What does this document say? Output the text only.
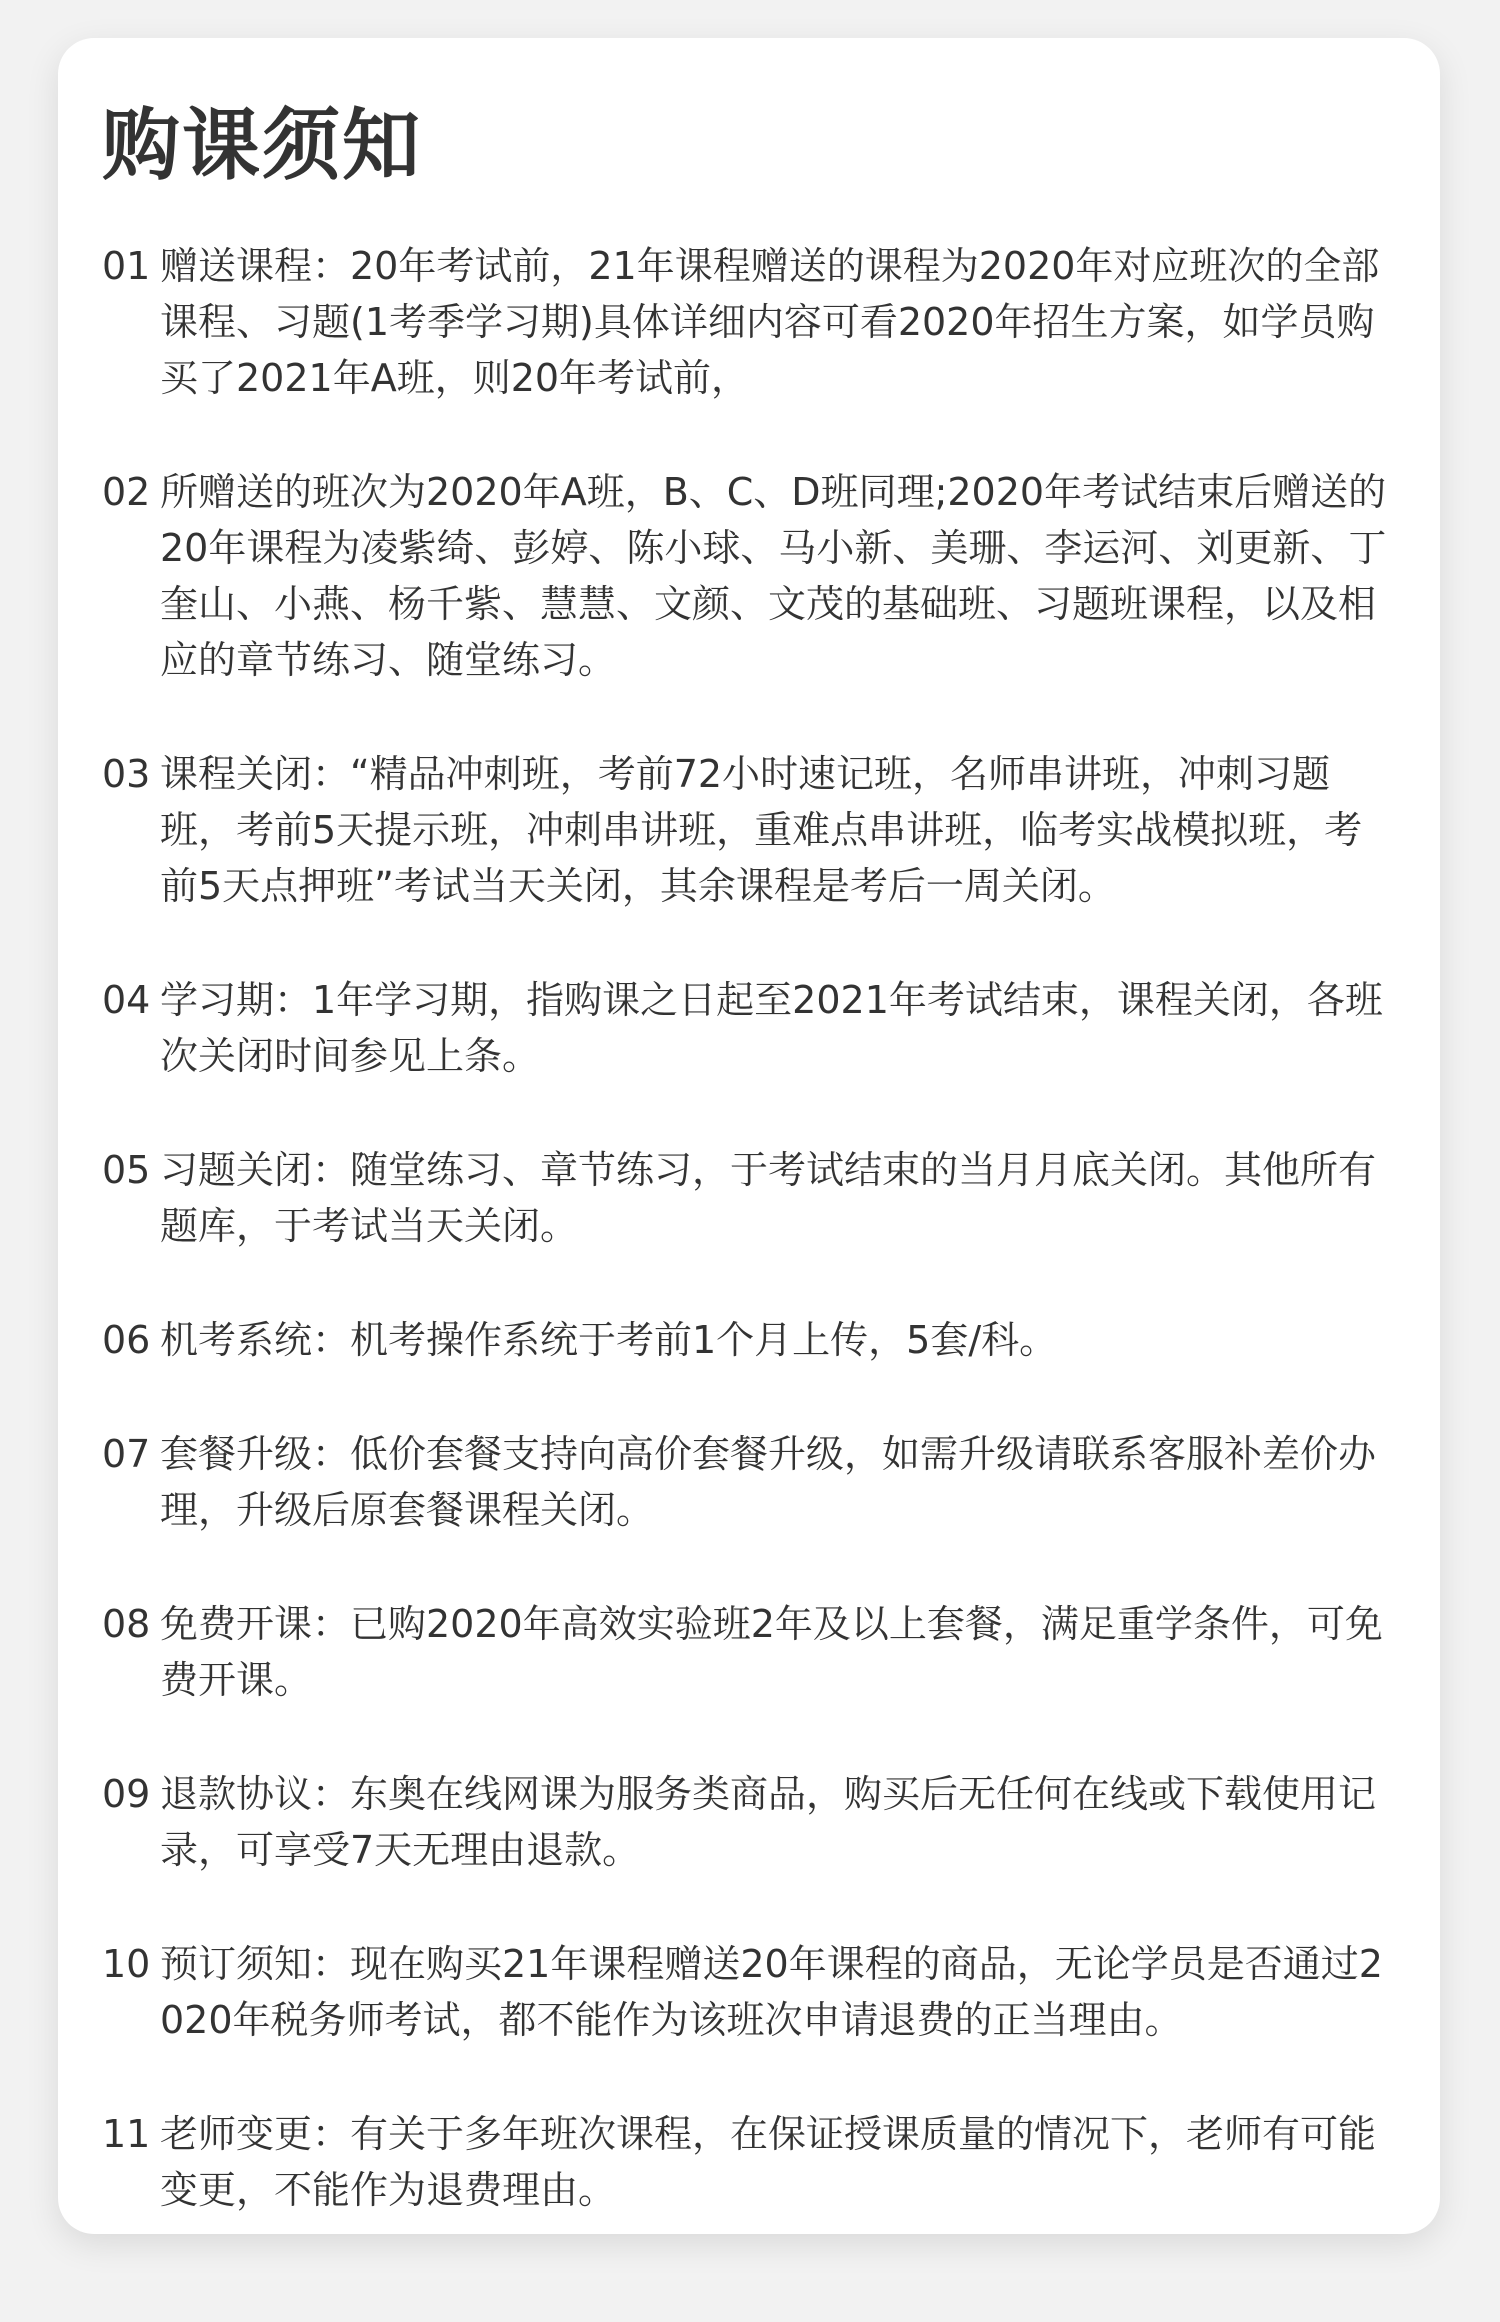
购课须知
01 赠送课程：20年考试前，21年课程赠送的课程为2020年对应班次的全部课程、习题(1考季学习期)具体详细内容可看2020年招生方案，如学员购买了2021年A班，则20年考试前，
02 所赠送的班次为2020年A班，B、C、D班同理;2020年考试结束后赠送的20年课程为凌紫绮、彭婷、陈小球、马小新、美珊、李运河、刘更新、丁奎山、小燕、杨千紫、慧慧、文颜、文茂的基础班、习题班课程，以及相应的章节练习、随堂练习。
03 课程关闭：“精品冲刺班，考前72小时速记班，名师串讲班，冲刺习题班，考前5天提示班，冲刺串讲班，重难点串讲班，临考实战模拟班，考前5天点押班”考试当天关闭，其余课程是考后一周关闭。
04 学习期：1年学习期，指购课之日起至2021年考试结束，课程关闭，各班次关闭时间参见上条。
05 习题关闭：随堂练习、章节练习，于考试结束的当月月底关闭。其他所有题库，于考试当天关闭。
06 机考系统：机考操作系统于考前1个月上传，5套/科。
07 套餐升级：低价套餐支持向高价套餐升级，如需升级请联系客服补差价办理，升级后原套餐课程关闭。
08 免费开课：已购2020年高效实验班2年及以上套餐，满足重学条件，可免费开课。
09 退款协议：东奥在线网课为服务类商品，购买后无任何在线或下载使用记录，可享受7天无理由退款。
10 预订须知：现在购买21年课程赠送20年课程的商品，无论学员是否通过2020年税务师考试，都不能作为该班次申请退费的正当理由。
11 老师变更：有关于多年班次课程，在保证授课质量的情况下，老师有可能变更，不能作为退费理由。
